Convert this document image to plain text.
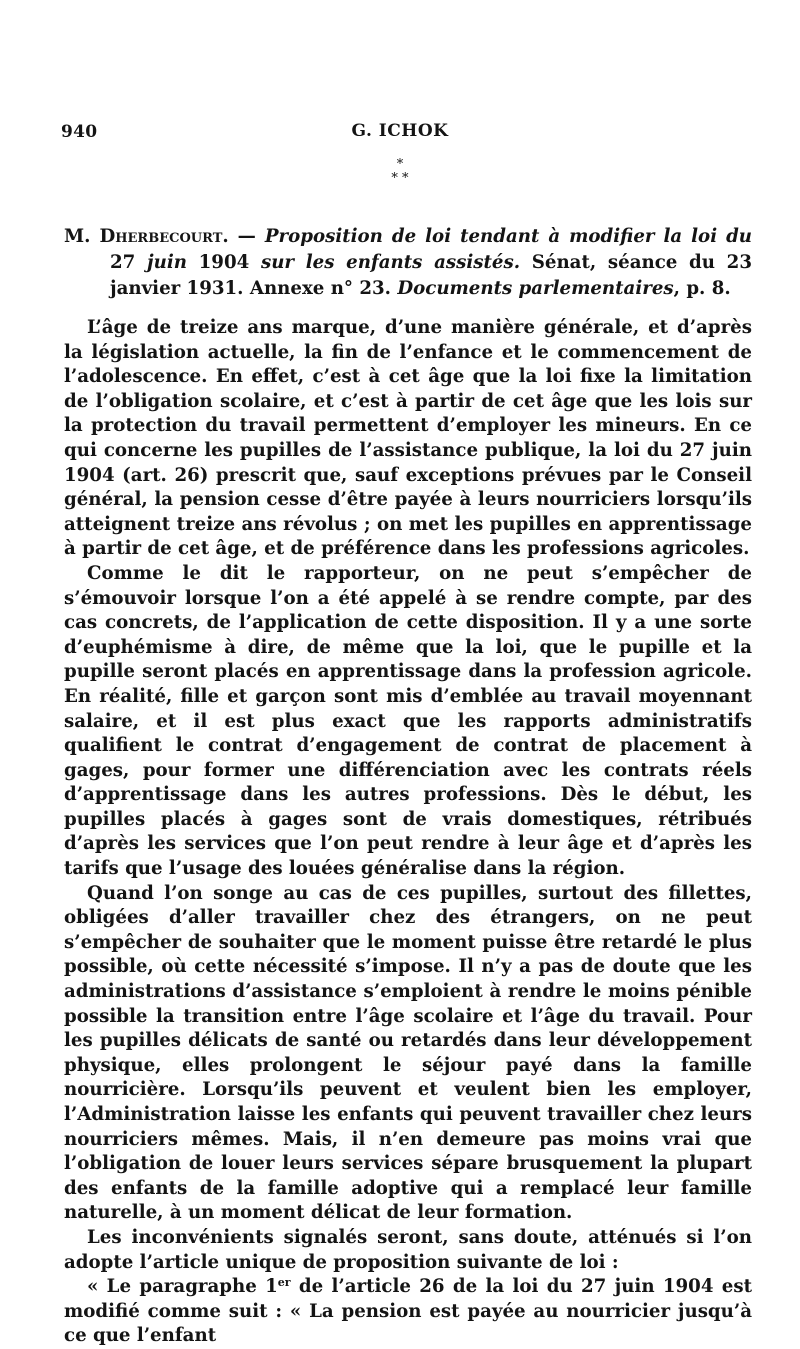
940	G. ICHOK
*
* *
M. Dherbecourt. — Proposition de loi tendant à modifier la loi du 27 juin 1904 sur les enfants assistés. Sénat, séance du 23 janvier 1931. Annexe n° 23. Documents parlementaires, p. 8.

L’âge de treize ans marque, d’une manière générale, et d’après la législation actuelle, la fin de l’enfance et le commencement de l’adolescence. En effet, c’est à cet âge que la loi fixe la limitation de l’obligation scolaire, et c’est à partir de cet âge que les lois sur la protection du travail permettent d’employer les mineurs. En ce qui concerne les pupilles de l’assistance publique, la loi du 27 juin 1904 (art. 26) prescrit que, sauf exceptions prévues par le Conseil général, la pension cesse d’être payée à leurs nourriciers lorsqu’ils atteignent treize ans révolus ; on met les pupilles en apprentissage à partir de cet âge, et de préférence dans les professions agricoles.

Comme le dit le rapporteur, on ne peut s’empêcher de s’émouvoir lorsque l’on a été appelé à se rendre compte, par des cas concrets, de l’application de cette disposition. Il y a une sorte d’euphémisme à dire, de même que la loi, que le pupille et la pupille seront placés en apprentissage dans la profession agricole. En réalité, fille et garçon sont mis d’emblée au travail moyennant salaire, et il est plus exact que les rapports administratifs qualifient le contrat d’engagement de contrat de placement à gages, pour former une différenciation avec les contrats réels d’apprentissage dans les autres professions. Dès le début, les pupilles placés à gages sont de vrais domestiques, rétribués d’après les services que l’on peut rendre à leur âge et d’après les tarifs que l’usage des louées généralise dans la région.

Quand l’on songe au cas de ces pupilles, surtout des fillettes, obligées d’aller travailler chez des étrangers, on ne peut s’empêcher de souhaiter que le moment puisse être retardé le plus possible, où cette nécessité s’impose. Il n’y a pas de doute que les administrations d’assistance s’emploient à rendre le moins pénible possible la transition entre l’âge scolaire et l’âge du travail. Pour les pupilles délicats de santé ou retardés dans leur développement physique, elles prolongent le séjour payé dans la famille nourricière. Lorsqu’ils peuvent et veulent bien les employer, l’Administration laisse les enfants qui peuvent travailler chez leurs nourriciers mêmes. Mais, il n’en demeure pas moins vrai que l’obligation de louer leurs services sépare brusquement la plupart des enfants de la famille adoptive qui a remplacé leur famille naturelle, à un moment délicat de leur formation.

Les inconvénients signalés seront, sans doute, atténués si l’on adopte l’article unique de proposition suivante de loi :

« Le paragraphe 1er de l’article 26 de la loi du 27 juin 1904 est modifié comme suit : « La pension est payée au nourricier jusqu’à ce que l’enfant
